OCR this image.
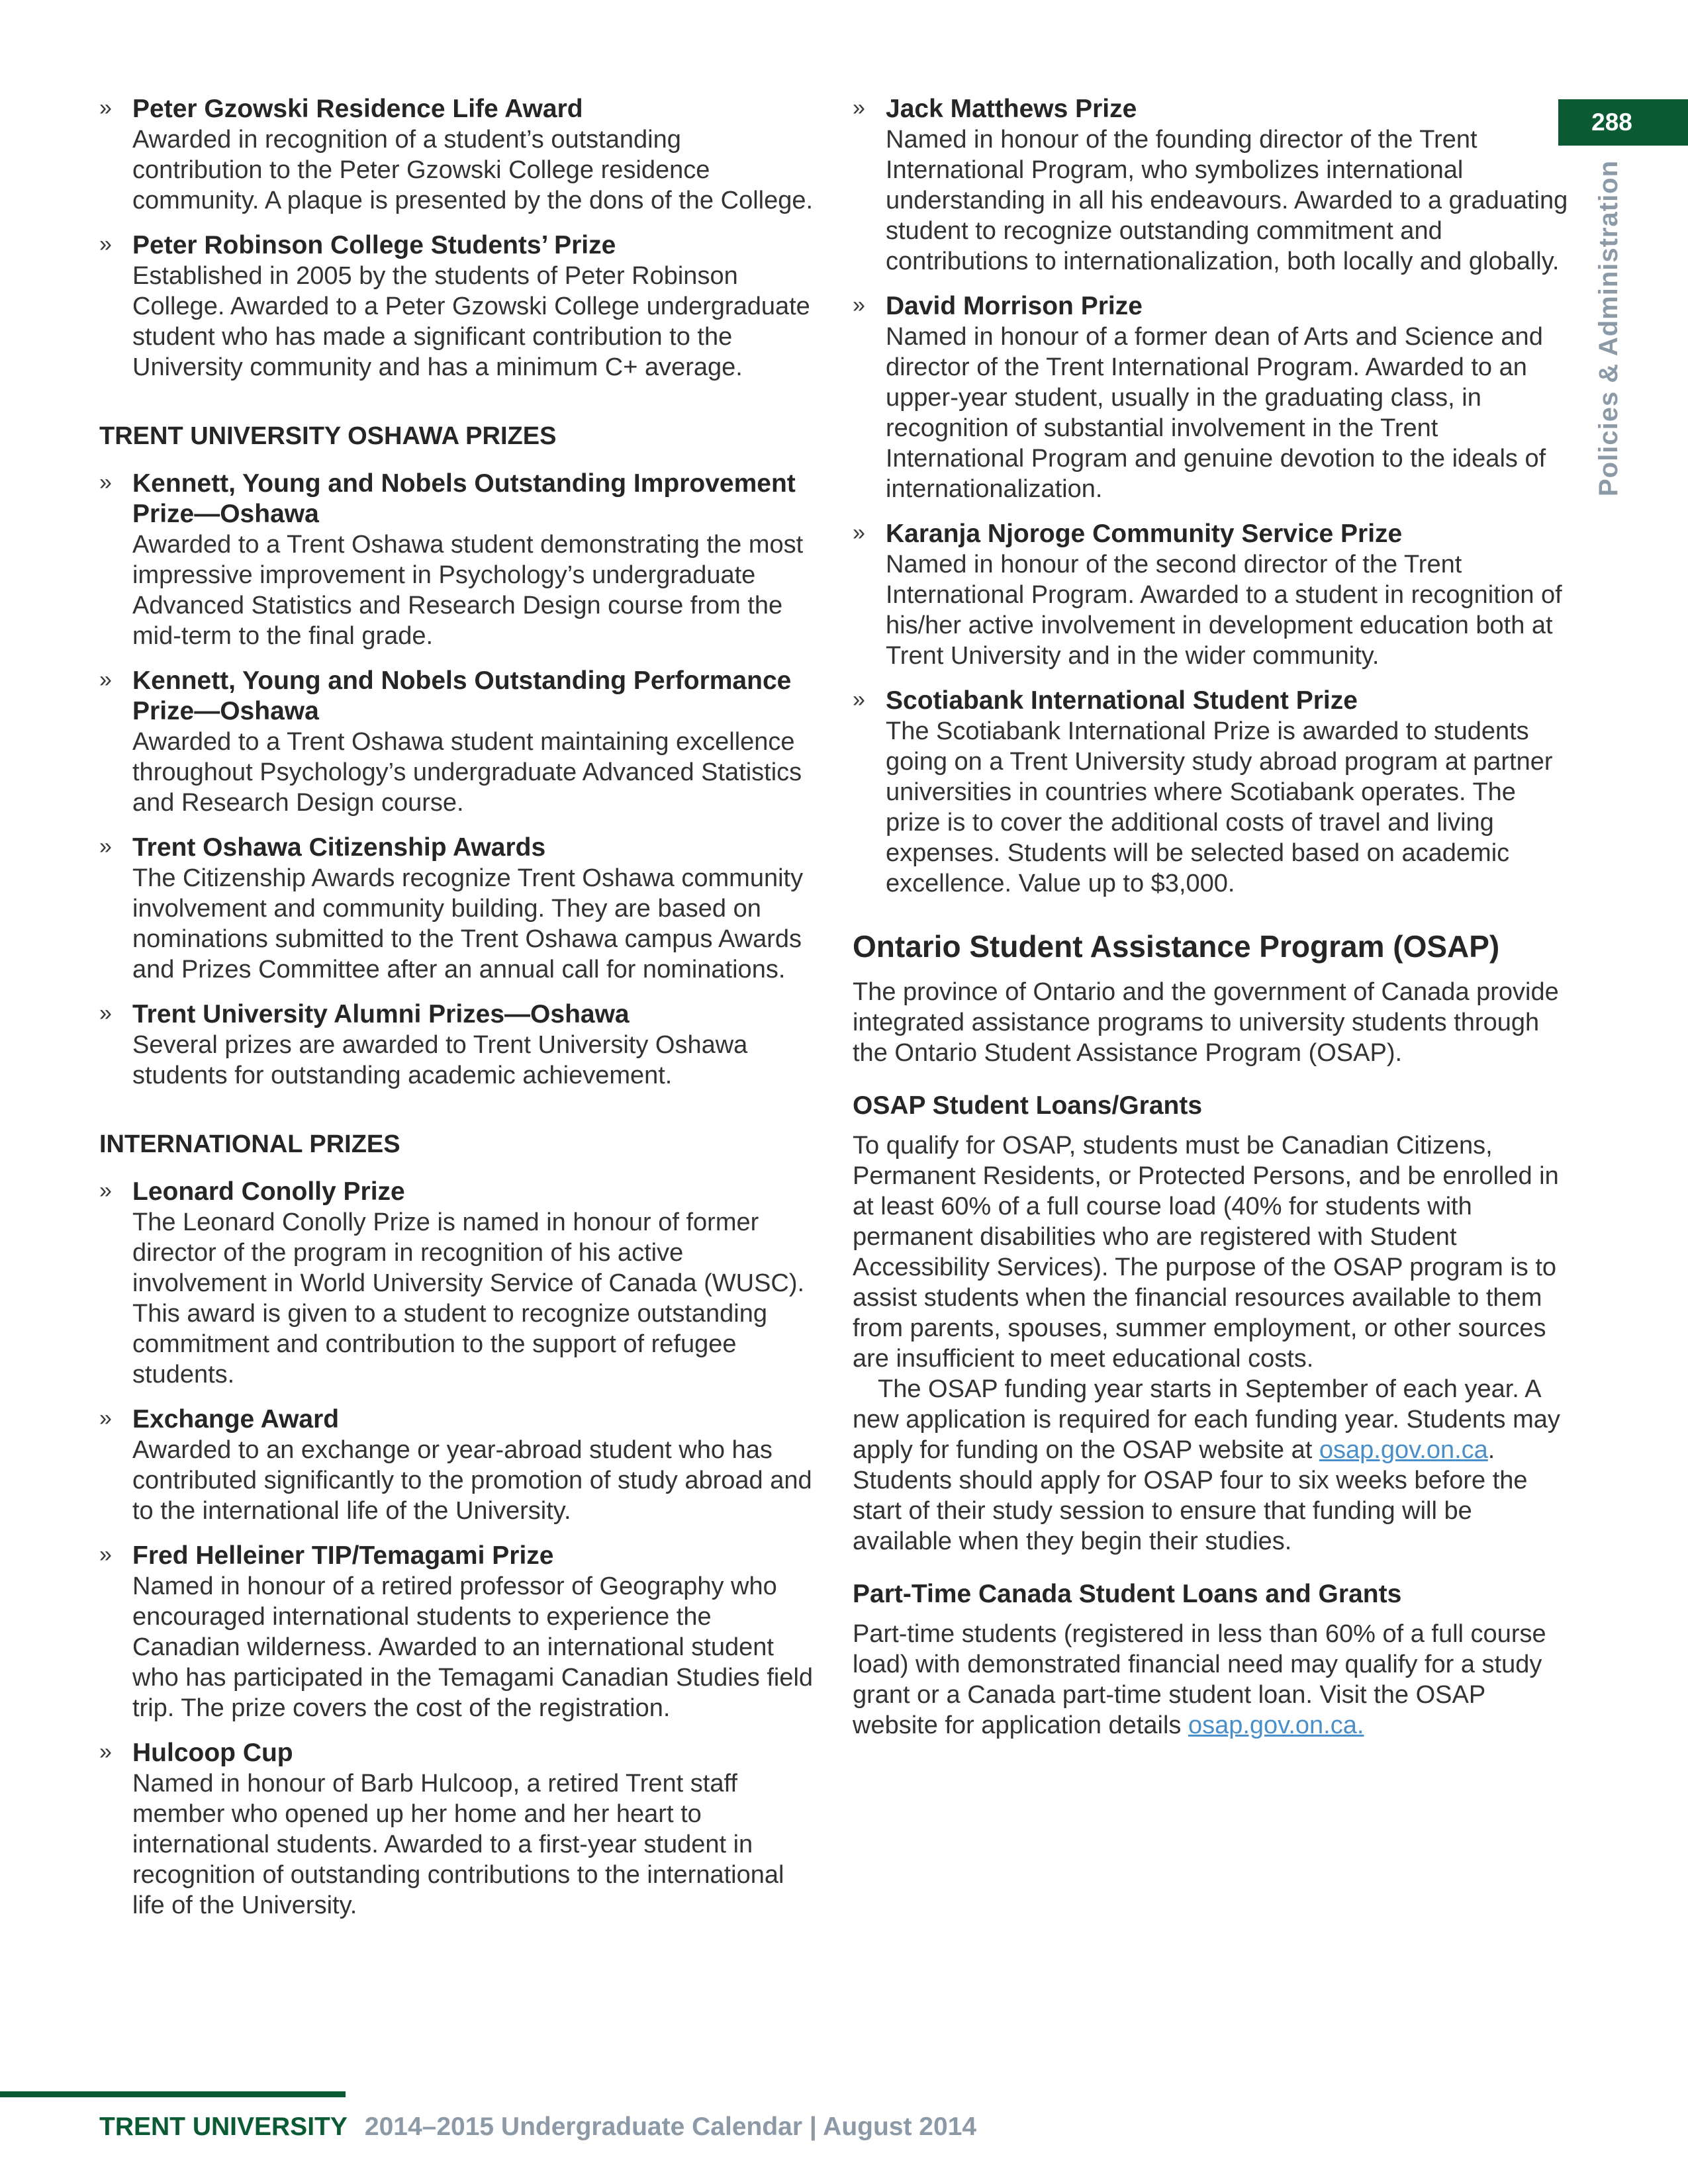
288
Policies & Administration
» Peter Gzowski Residence Life Award
Awarded in recognition of a student’s outstanding contribution to the Peter Gzowski College residence community. A plaque is presented by the dons of the College.
» Peter Robinson College Students’ Prize
Established in 2005 by the students of Peter Robinson College. Awarded to a Peter Gzowski College undergraduate student who has made a significant contribution to the University community and has a minimum C+ average.
TRENT UNIVERSITY OSHAWA PRIZES
» Kennett, Young and Nobels Outstanding Improvement Prize—Oshawa
Awarded to a Trent Oshawa student demonstrating the most impressive improvement in Psychology’s undergraduate Advanced Statistics and Research Design course from the mid-term to the final grade.
» Kennett, Young and Nobels Outstanding Performance Prize—Oshawa
Awarded to a Trent Oshawa student maintaining excellence throughout Psychology’s undergraduate Advanced Statistics and Research Design course.
» Trent Oshawa Citizenship Awards
The Citizenship Awards recognize Trent Oshawa community involvement and community building. They are based on nominations submitted to the Trent Oshawa campus Awards and Prizes Committee after an annual call for nominations.
» Trent University Alumni Prizes—Oshawa
Several prizes are awarded to Trent University Oshawa students for outstanding academic achievement.
INTERNATIONAL PRIZES
» Leonard Conolly Prize
The Leonard Conolly Prize is named in honour of former director of the program in recognition of his active involvement in World University Service of Canada (WUSC). This award is given to a student to recognize outstanding commitment and contribution to the support of refugee students.
» Exchange Award
Awarded to an exchange or year-abroad student who has contributed significantly to the promotion of study abroad and to the international life of the University.
» Fred Helleiner TIP/Temagami Prize
Named in honour of a retired professor of Geography who encouraged international students to experience the Canadian wilderness. Awarded to an international student who has participated in the Temagami Canadian Studies field trip. The prize covers the cost of the registration.
» Hulcoop Cup
Named in honour of Barb Hulcoop, a retired Trent staff member who opened up her home and her heart to international students. Awarded to a first-year student in recognition of outstanding contributions to the international life of the University.
» Jack Matthews Prize
Named in honour of the founding director of the Trent International Program, who symbolizes international understanding in all his endeavours. Awarded to a graduating student to recognize outstanding commitment and contributions to internationalization, both locally and globally.
» David Morrison Prize
Named in honour of a former dean of Arts and Science and director of the Trent International Program. Awarded to an upper-year student, usually in the graduating class, in recognition of substantial involvement in the Trent International Program and genuine devotion to the ideals of internationalization.
» Karanja Njoroge Community Service Prize
Named in honour of the second director of the Trent International Program. Awarded to a student in recognition of his/her active involvement in development education both at Trent University and in the wider community.
» Scotiabank International Student Prize
The Scotiabank International Prize is awarded to students going on a Trent University study abroad program at partner universities in countries where Scotiabank operates. The prize is to cover the additional costs of travel and living expenses. Students will be selected based on academic excellence. Value up to $3,000.
Ontario Student Assistance Program (OSAP)

The province of Ontario and the government of Canada provide integrated assistance programs to university students through the Ontario Student Assistance Program (OSAP).

OSAP Student Loans/Grants

To qualify for OSAP, students must be Canadian Citizens, Permanent Residents, or Protected Persons, and be enrolled in at least 60% of a full course load (40% for students with permanent disabilities who are registered with Student Accessibility Services). The purpose of the OSAP program is to assist students when the financial resources available to them from parents, spouses, summer employment, or other sources are insufficient to meet educational costs.

The OSAP funding year starts in September of each year. A new application is required for each funding year. Students may apply for funding on the OSAP website at osap.gov.on.ca. Students should apply for OSAP four to six weeks before the start of their study session to ensure that funding will be available when they begin their studies.

Part-Time Canada Student Loans and Grants

Part-time students (registered in less than 60% of a full course load) with demonstrated financial need may qualify for a study grant or a Canada part-time student loan. Visit the OSAP website for application details osap.gov.on.ca.

TRENT UNIVERSITY 2014–2015 Undergraduate Calendar | August 2014
